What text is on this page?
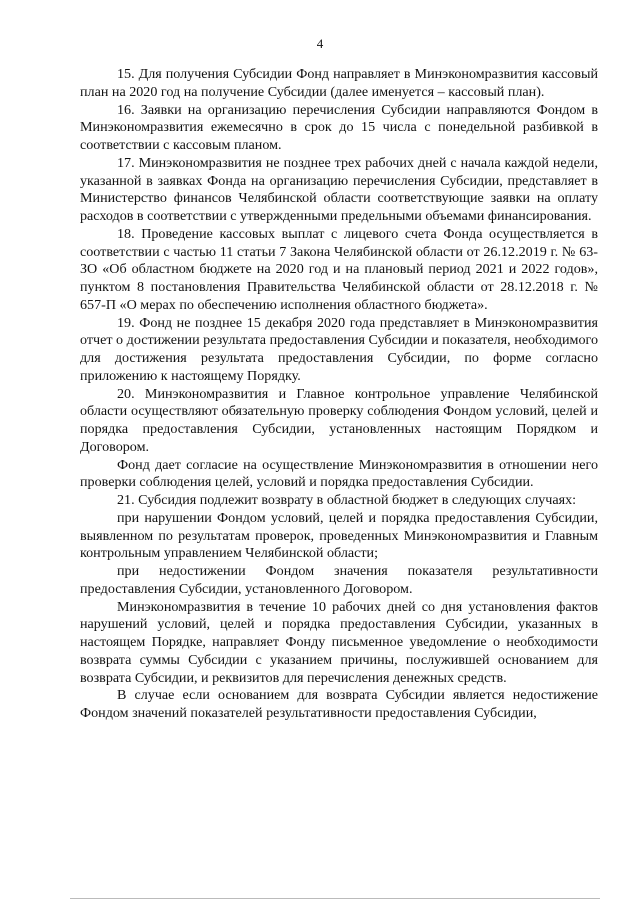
4

15. Для получения Субсидии Фонд направляет в Минэкономразвития кассовый план на 2020 год на получение Субсидии (далее именуется – кассовый план).

16. Заявки на организацию перечисления Субсидии направляются Фондом в Минэкономразвития ежемесячно в срок до 15 числа с понедельной разбивкой в соответствии с кассовым планом.

17. Минэкономразвития не позднее трех рабочих дней с начала каждой недели, указанной в заявках Фонда на организацию перечисления Субсидии, представляет в Министерство финансов Челябинской области соответствующие заявки на оплату расходов в соответствии с утвержденными предельными объемами финансирования.

18. Проведение кассовых выплат с лицевого счета Фонда осуществляется в соответствии с частью 11 статьи 7 Закона Челябинской области от 26.12.2019 г. № 63-ЗО «Об областном бюджете на 2020 год и на плановый период 2021 и 2022 годов», пунктом 8 постановления Правительства Челябинской области от 28.12.2018 г. № 657-П «О мерах по обеспечению исполнения областного бюджета».

19. Фонд не позднее 15 декабря 2020 года представляет в Минэкономразвития отчет о достижении результата предоставления Субсидии и показателя, необходимого для достижения результата предоставления Субсидии, по форме согласно приложению к настоящему Порядку.

20. Минэкономразвития и Главное контрольное управление Челябинской области осуществляют обязательную проверку соблюдения Фондом условий, целей и порядка предоставления Субсидии, установленных настоящим Порядком и Договором.

Фонд дает согласие на осуществление Минэкономразвития в отношении него проверки соблюдения целей, условий и порядка предоставления Субсидии.

21. Субсидия подлежит возврату в областной бюджет в следующих случаях:

при нарушении Фондом условий, целей и порядка предоставления Субсидии, выявленном по результатам проверок, проведенных Минэкономразвития и Главным контрольным управлением Челябинской области;

при недостижении Фондом значения показателя результативности предоставления Субсидии, установленного Договором.

Минэкономразвития в течение 10 рабочих дней со дня установления фактов нарушений условий, целей и порядка предоставления Субсидии, указанных в настоящем Порядке, направляет Фонду письменное уведомление о необходимости возврата суммы Субсидии с указанием причины, послужившей основанием для возврата Субсидии, и реквизитов для перечисления денежных средств.

В случае если основанием для возврата Субсидии является недостижение Фондом значений показателей результативности предоставления Субсидии,
